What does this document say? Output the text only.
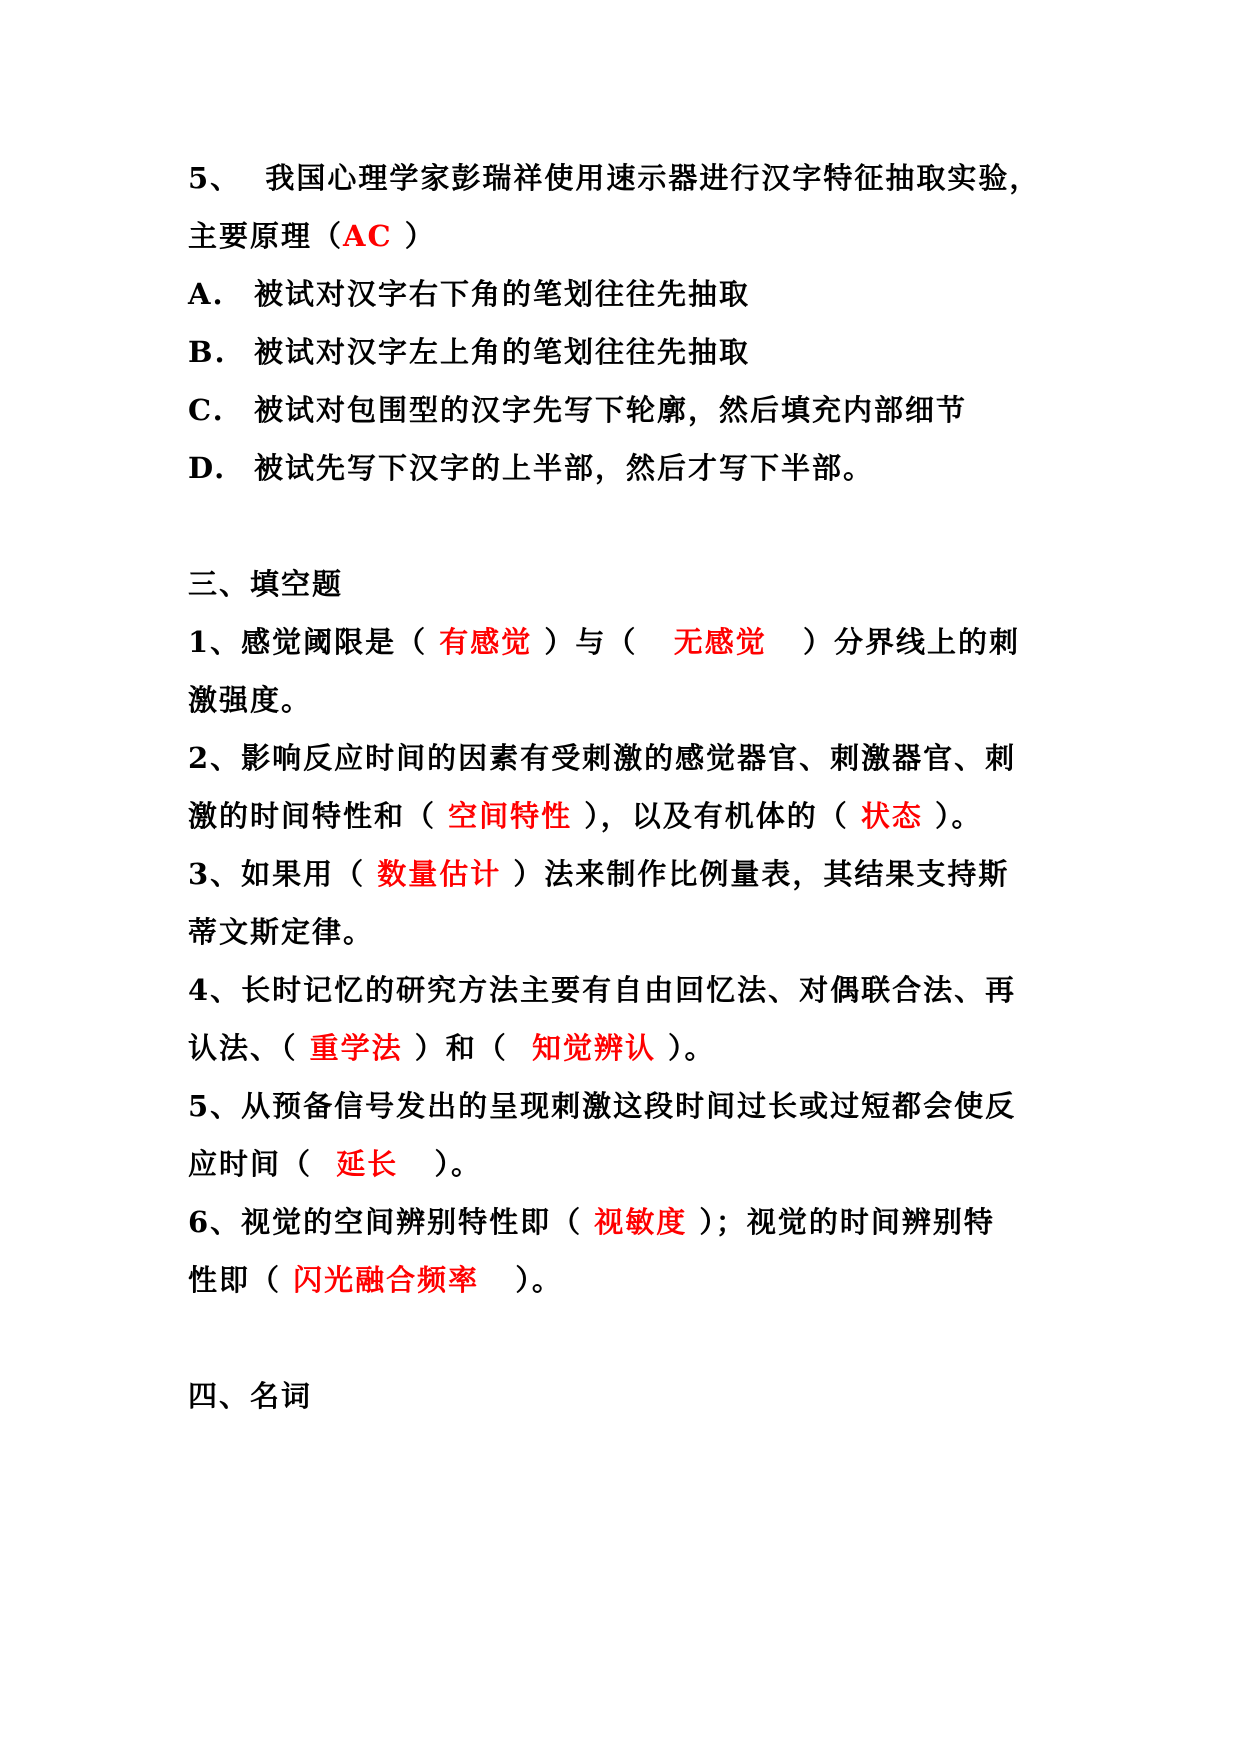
5、 我国心理学家彭瑞祥使用速示器进行汉字特征抽取实验，
主要原理（AC ）
A. 被试对汉字右下角的笔划往往先抽取
B. 被试对汉字左上角的笔划往往先抽取
C. 被试对包围型的汉字先写下轮廓，然后填充内部细节
D. 被试先写下汉字的上半部，然后才写下半部。
三、填空题
1、感觉阈限是（ 有感觉 ）与（   无感觉   ）分界线上的刺
激强度。
2、影响反应时间的因素有受刺激的感觉器官、刺激器官、刺
激的时间特性和（ 空间特性 ），以及有机体的（ 状态 ）。
3、如果用（ 数量估计 ）法来制作比例量表，其结果支持斯
蒂文斯定律。
4、长时记忆的研究方法主要有自由回忆法、对偶联合法、再
认法、（ 重学法 ）和（  知觉辨认 ）。
5、从预备信号发出的呈现刺激这段时间过长或过短都会使反
应时间（  延长   ）。
6、视觉的空间辨别特性即（ 视敏度 ）；视觉的时间辨别特
性即（ 闪光融合频率   ）。
四、名词
